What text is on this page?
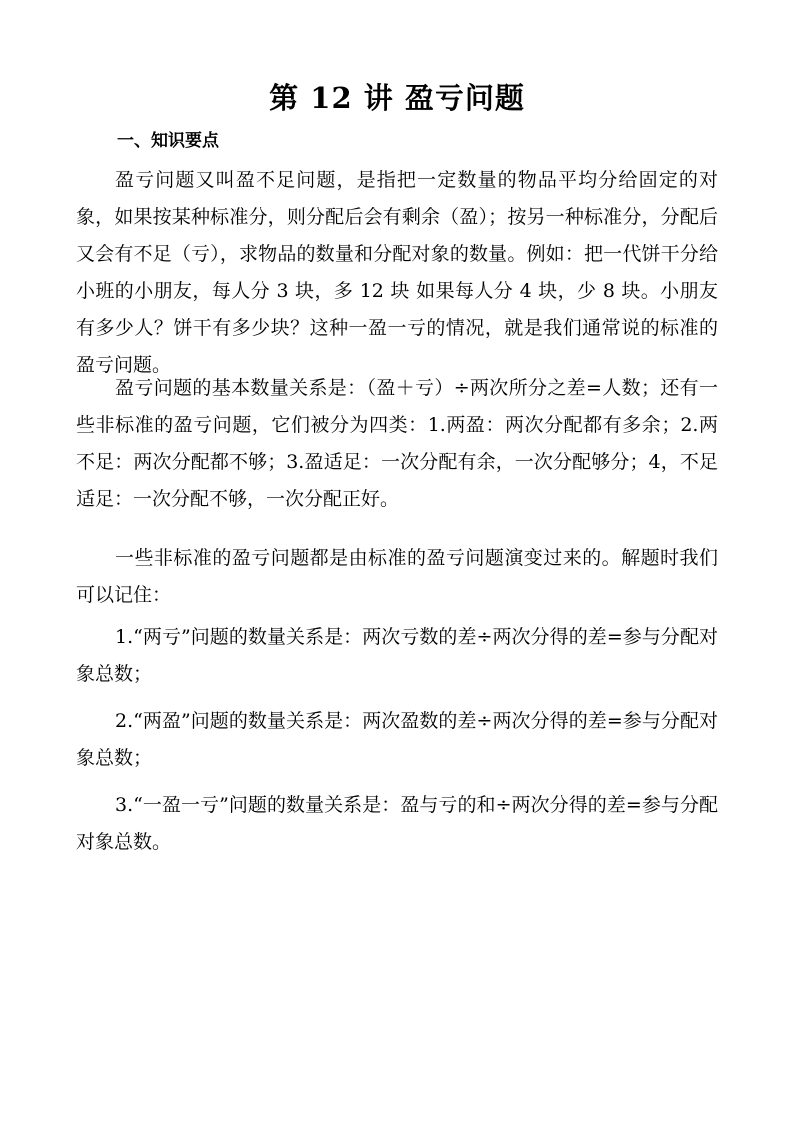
第 12 讲 盈亏问题
一、知识要点

盈亏问题又叫盈不足问题，是指把一定数量的物品平均分给固定的对象，如果按某种标准分，则分配后会有剩余（盈）；按另一种标准分，分配后又会有不足（亏），求物品的数量和分配对象的数量。例如：把一代饼干分给小班的小朋友，每人分 3 块，多 12 块 如果每人分 4 块，少 8 块。小朋友有多少人？饼干有多少块？这种一盈一亏的情况，就是我们通常说的标准的盈亏问题。

盈亏问题的基本数量关系是：（盈＋亏）÷两次所分之差=人数；还有一些非标准的盈亏问题，它们被分为四类：1.两盈：两次分配都有多余；2.两不足：两次分配都不够；3.盈适足：一次分配有余，一次分配够分；4，不足适足：一次分配不够，一次分配正好。

一些非标准的盈亏问题都是由标准的盈亏问题演变过来的。解题时我们可以记住：

1.“两亏”问题的数量关系是：两次亏数的差÷两次分得的差=参与分配对象总数；

2.“两盈”问题的数量关系是：两次盈数的差÷两次分得的差=参与分配对象总数；

3.“一盈一亏”问题的数量关系是：盈与亏的和÷两次分得的差=参与分配对象总数。
